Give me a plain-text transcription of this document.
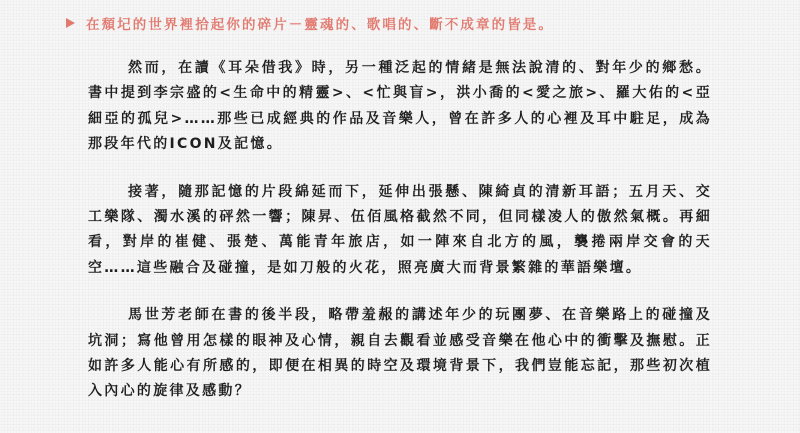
在頹圮的世界裡拾起你的碎片－靈魂的、歌唱的、斷不成章的皆是。

然而，在讀《耳朵借我》時，另一種泛起的情緒是無法說清的、對年少的鄉愁。書中提到李宗盛的<生命中的精靈>、<忙與盲>，洪小喬的<愛之旅>、羅大佑的<亞細亞的孤兒>……那些已成經典的作品及音樂人，曾在許多人的心裡及耳中駐足，成為那段年代的ICON及記憶。

接著，隨那記憶的片段綿延而下，延伸出張懸、陳綺貞的清新耳語；五月天、交工樂隊、濁水溪的砰然一響；陳昇、伍佰風格截然不同，但同樣凌人的傲然氣概。再細看，對岸的崔健、張楚、萬能青年旅店，如一陣來自北方的風，襲捲兩岸交會的天空……這些融合及碰撞，是如刀般的火花，照亮廣大而背景繁雜的華語樂壇。

馬世芳老師在書的後半段，略帶羞赧的講述年少的玩團夢、在音樂路上的碰撞及坑洞；寫他曾用怎樣的眼神及心情，親自去觀看並感受音樂在他心中的衝擊及撫慰。正如許多人能心有所感的，即便在相異的時空及環境背景下，我們豈能忘記，那些初次植入內心的旋律及感動？
